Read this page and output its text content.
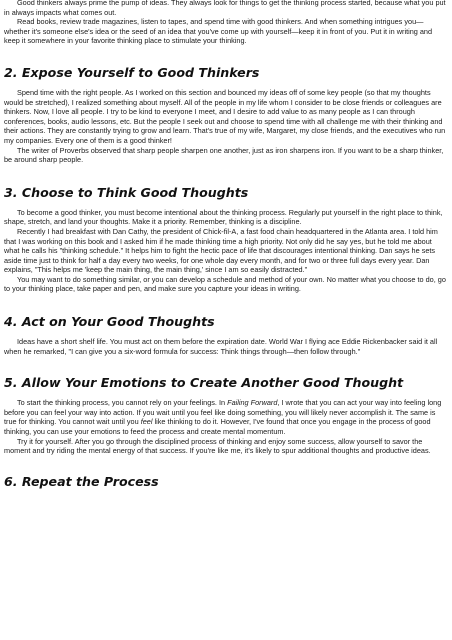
Good thinkers always prime the pump of ideas. They always look for things to get the thinking process started, because what you put in always impacts what comes out.

Read books, review trade magazines, listen to tapes, and spend time with good thinkers. And when something intrigues you—whether it's someone else's idea or the seed of an idea that you've come up with yourself—keep it in front of you. Put it in writing and keep it somewhere in your favorite thinking place to stimulate your thinking.

2. Expose Yourself to Good Thinkers

Spend time with the right people. As I worked on this section and bounced my ideas off of some key people (so that my thoughts would be stretched), I realized something about myself. All of the people in my life whom I consider to be close friends or colleagues are thinkers. Now, I love all people. I try to be kind to everyone I meet, and I desire to add value to as many people as I can through conferences, books, audio lessons, etc. But the people I seek out and choose to spend time with all challenge me with their thinking and their actions. They are constantly trying to grow and learn. That's true of my wife, Margaret, my close friends, and the executives who run my companies. Every one of them is a good thinker!

The writer of Proverbs observed that sharp people sharpen one another, just as iron sharpens iron. If you want to be a sharp thinker, be around sharp people.

3. Choose to Think Good Thoughts

To become a good thinker, you must become intentional about the thinking process. Regularly put yourself in the right place to think, shape, stretch, and land your thoughts. Make it a priority. Remember, thinking is a discipline.

Recently I had breakfast with Dan Cathy, the president of Chick-fil-A, a fast food chain headquartered in the Atlanta area. I told him that I was working on this book and I asked him if he made thinking time a high priority. Not only did he say yes, but he told me about what he calls his "thinking schedule." It helps him to fight the hectic pace of life that discourages intentional thinking. Dan says he sets aside time just to think for half a day every two weeks, for one whole day every month, and for two or three full days every year. Dan explains, "This helps me 'keep the main thing, the main thing,' since I am so easily distracted."

You may want to do something similar, or you can develop a schedule and method of your own. No matter what you choose to do, go to your thinking place, take paper and pen, and make sure you capture your ideas in writing.

4. Act on Your Good Thoughts

Ideas have a short shelf life. You must act on them before the expiration date. World War I flying ace Eddie Rickenbacker said it all when he remarked, "I can give you a six-word formula for success: Think things through—then follow through."

5. Allow Your Emotions to Create Another Good Thought

To start the thinking process, you cannot rely on your feelings. In Failing Forward, I wrote that you can act your way into feeling long before you can feel your way into action. If you wait until you feel like doing something, you will likely never accomplish it. The same is true for thinking. You cannot wait until you feel like thinking to do it. However, I've found that once you engage in the process of good thinking, you can use your emotions to feed the process and create mental momentum.

Try it for yourself. After you go through the disciplined process of thinking and enjoy some success, allow yourself to savor the moment and try riding the mental energy of that success. If you're like me, it's likely to spur additional thoughts and productive ideas.

6. Repeat the Process
